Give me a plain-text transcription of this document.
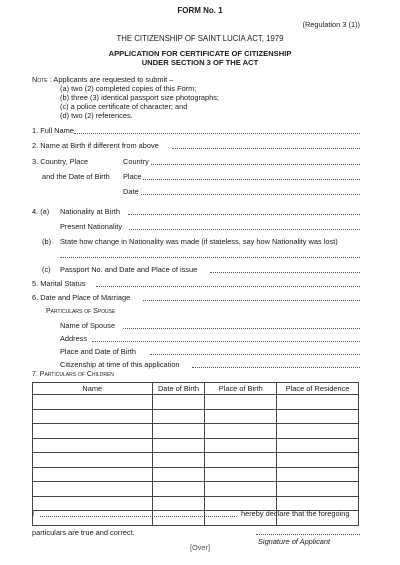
FORM No. 1
(Regulation 3 (1))
THE CITIZENSHIP OF SAINT LUCIA ACT, 1979
APPLICATION FOR CERTIFICATE OF CITIZENSHIP
UNDER SECTION 3 OF THE ACT
Note : Applicants are requested to submit –
(a) two (2) completed copies of this Form;
(b) three (3) identical passport size photographs;
(c) a police certificate of character; and
(d) two (2) references.
1. Full Name
2. Name at Birth if different from above
3. Country, Place
and the Date of Birth
Country
Place
Date
4. (a) Nationality at Birth
Present Nationality
(b) State how change in Nationality was made (if stateless, say how Nationality was lost)
(c) Passport No. and Date and Place of issue
5. Marital Status
6. Date and Place of Marriage
Particulars of Spouse
Name of Spouse
Address
Place and Date of Birth
Citizenship at time of this application
7. Particulars of Children
Name	Date of Birth	Place of Birth	Place of Residence

I	hereby declare that the foregoing
particulars are true and correct.
Signature of Applicant
[Over]
